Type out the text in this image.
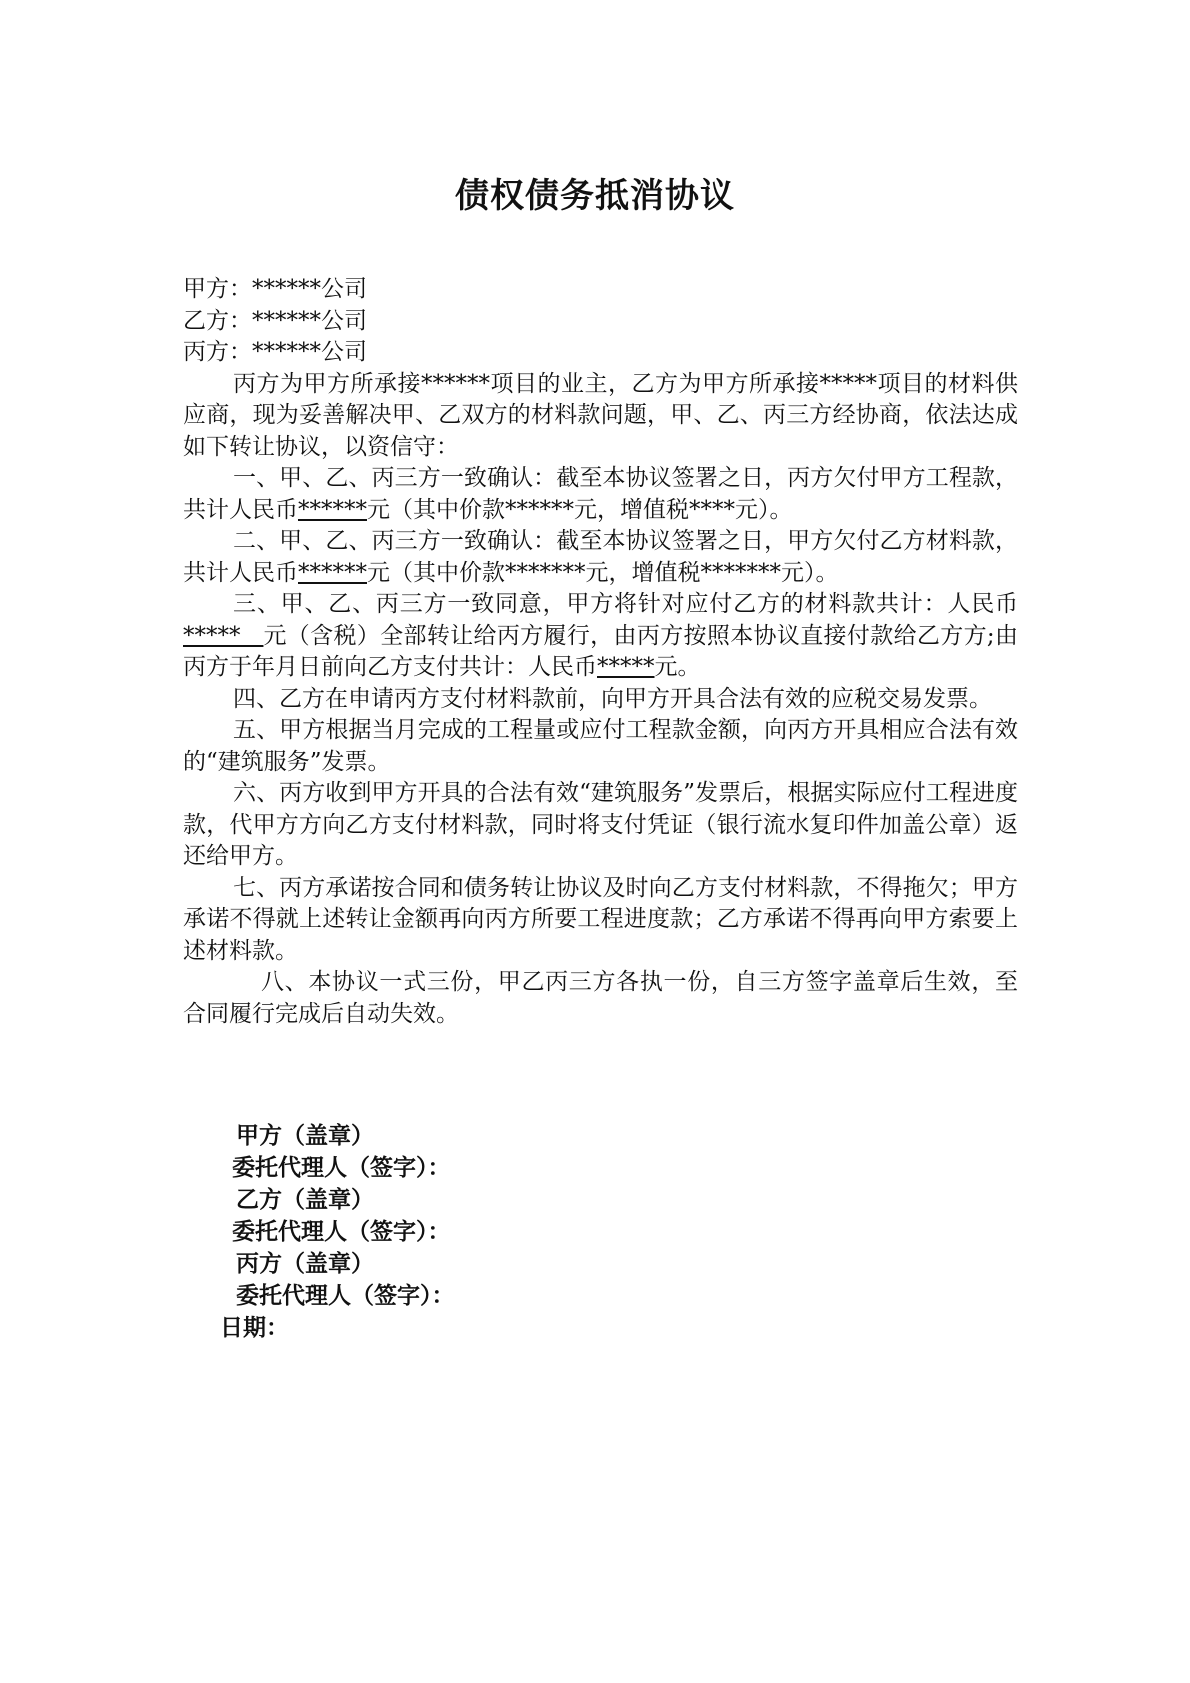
债权债务抵消协议
甲方：******公司
乙方：******公司
丙方：******公司

丙方为甲方所承接******项目的业主，乙方为甲方所承接*****项目的材料供应商，现为妥善解决甲、乙双方的材料款问题，甲、乙、丙三方经协商，依法达成如下转让协议，以资信守：

一、甲、乙、丙三方一致确认：截至本协议签署之日，丙方欠付甲方工程款，共计人民币******元（其中价款******元，增值税****元）。

二、甲、乙、丙三方一致确认：截至本协议签署之日，甲方欠付乙方材料款，共计人民币******元（其中价款*******元，增值税*******元）。

三、甲、乙、丙三方一致同意，甲方将针对应付乙方的材料款共计：人民币***** 元（含税）全部转让给丙方履行，由丙方按照本协议直接付款给乙方方;由丙方于年月日前向乙方支付共计：人民币*****元。

四、乙方在申请丙方支付材料款前，向甲方开具合法有效的应税交易发票。

五、甲方根据当月完成的工程量或应付工程款金额，向丙方开具相应合法有效的“建筑服务”发票。

六、丙方收到甲方开具的合法有效“建筑服务”发票后，根据实际应付工程进度款，代甲方方向乙方支付材料款，同时将支付凭证（银行流水复印件加盖公章）返还给甲方。

七、丙方承诺按合同和债务转让协议及时向乙方支付材料款，不得拖欠；甲方承诺不得就上述转让金额再向丙方所要工程进度款；乙方承诺不得再向甲方索要上述材料款。

八、本协议一式三份，甲乙丙三方各执一份，自三方签字盖章后生效，至合同履行完成后自动失效。

甲方（盖章）
委托代理人（签字）：
乙方（盖章）
委托代理人（签字）：
丙方（盖章）
委托代理人（签字）：
日期：
